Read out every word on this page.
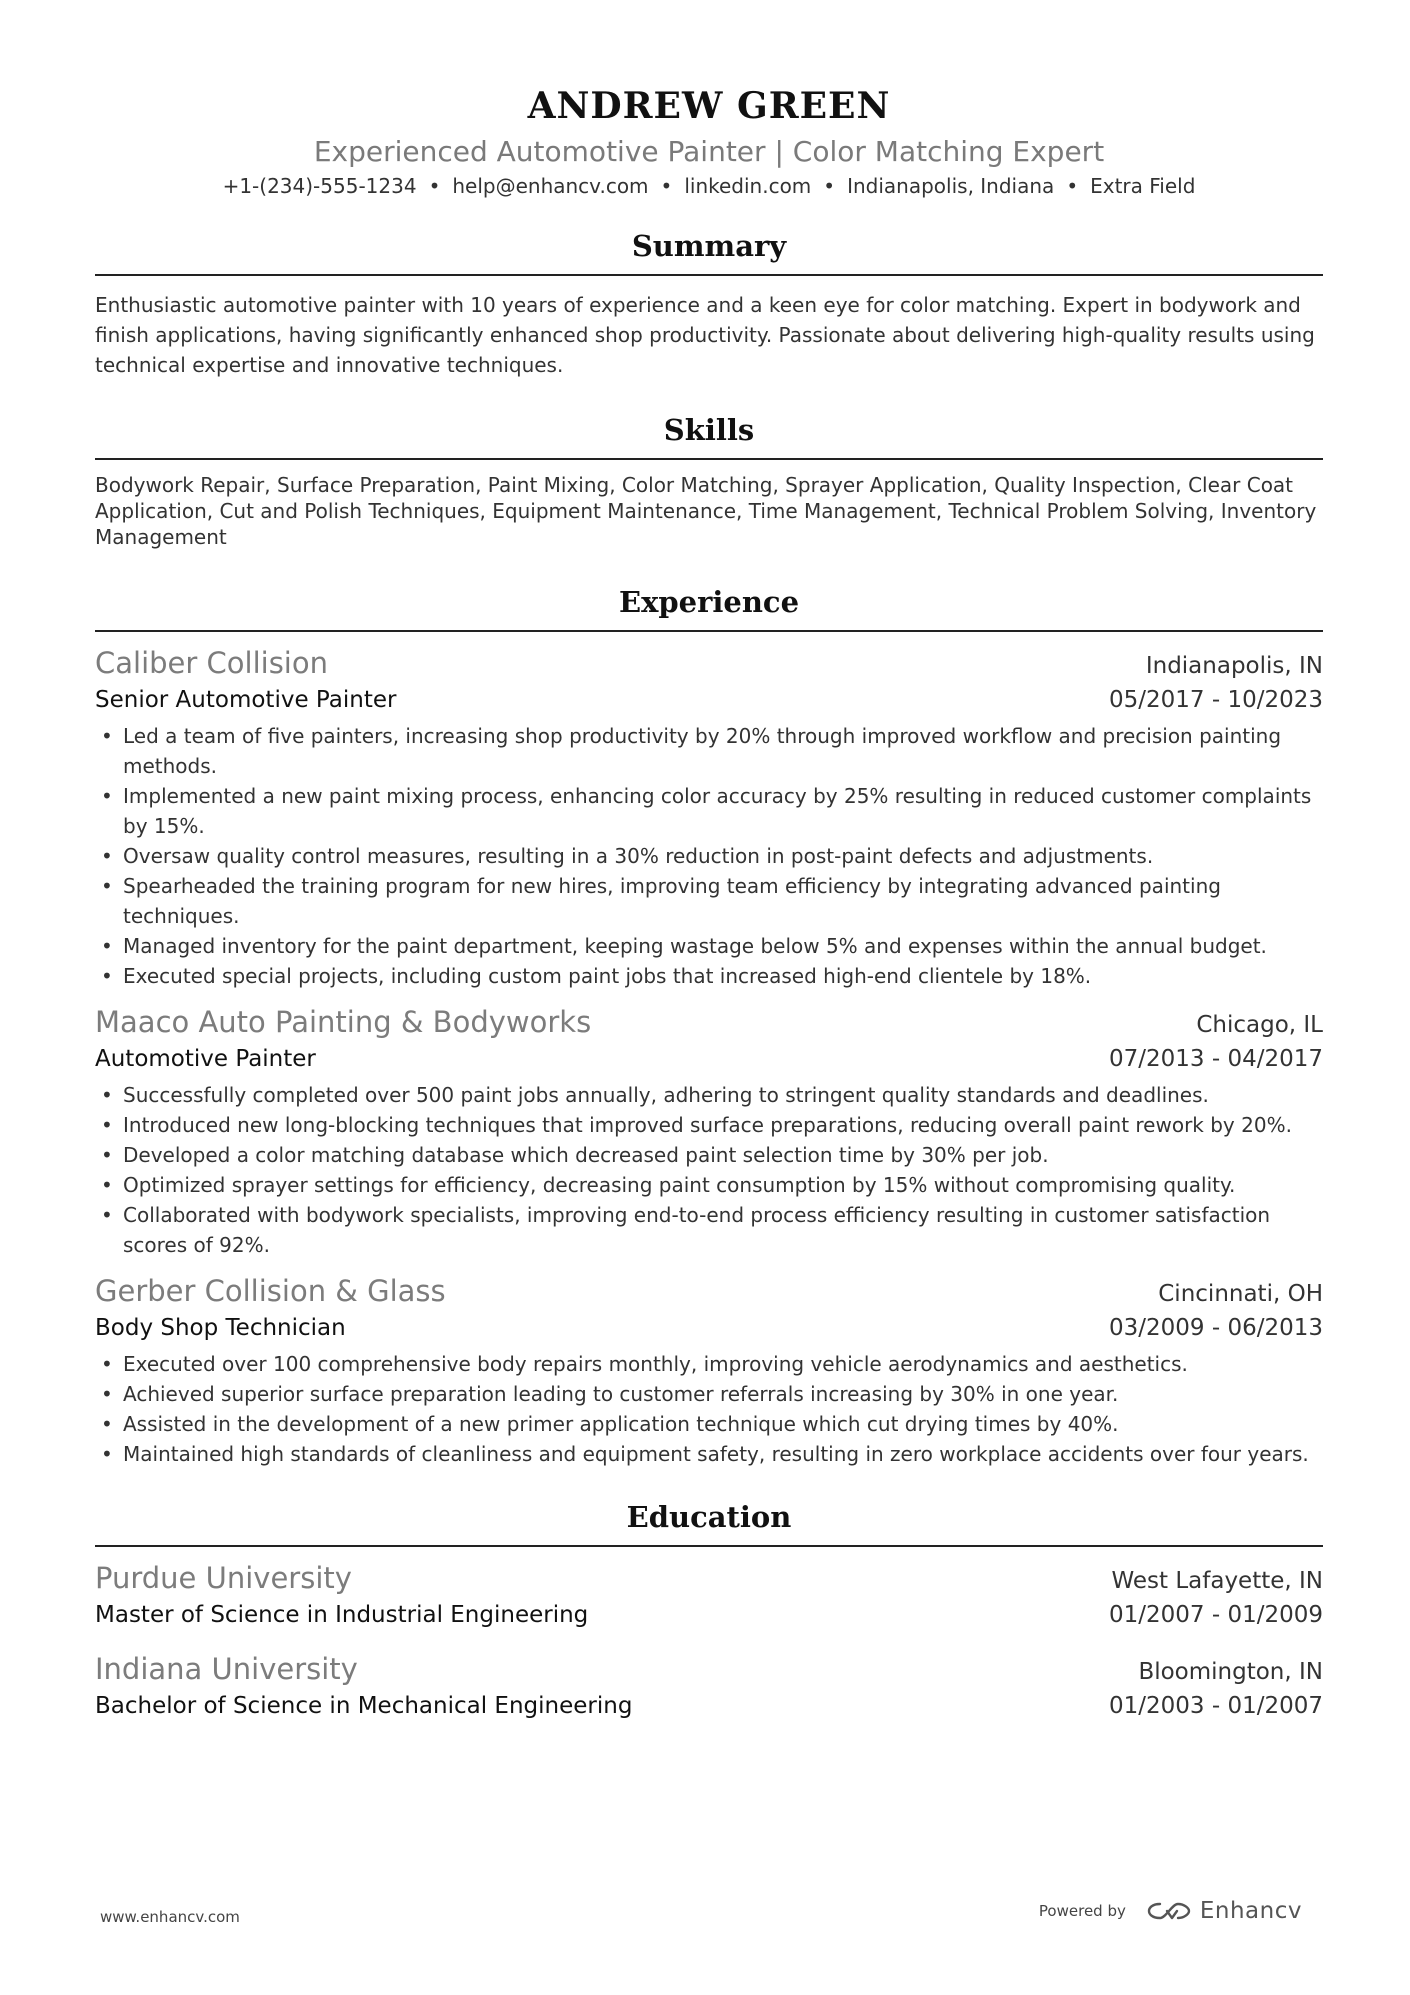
ANDREW GREEN
Experienced Automotive Painter | Color Matching Expert
+1-(234)-555-1234 • help@enhancv.com • linkedin.com • Indianapolis, Indiana • Extra Field
Summary
Enthusiastic automotive painter with 10 years of experience and a keen eye for color matching. Expert in bodywork and finish applications, having significantly enhanced shop productivity. Passionate about delivering high-quality results using technical expertise and innovative techniques.
Skills
Bodywork Repair, Surface Preparation, Paint Mixing, Color Matching, Sprayer Application, Quality Inspection, Clear Coat Application, Cut and Polish Techniques, Equipment Maintenance, Time Management, Technical Problem Solving, Inventory Management
Experience
Caliber Collision	Indianapolis, IN
Senior Automotive Painter	05/2017 - 10/2023
• Led a team of five painters, increasing shop productivity by 20% through improved workflow and precision painting methods.
• Implemented a new paint mixing process, enhancing color accuracy by 25% resulting in reduced customer complaints by 15%.
• Oversaw quality control measures, resulting in a 30% reduction in post-paint defects and adjustments.
• Spearheaded the training program for new hires, improving team efficiency by integrating advanced painting techniques.
• Managed inventory for the paint department, keeping wastage below 5% and expenses within the annual budget.
• Executed special projects, including custom paint jobs that increased high-end clientele by 18%.
Maaco Auto Painting & Bodyworks	Chicago, IL
Automotive Painter	07/2013 - 04/2017
• Successfully completed over 500 paint jobs annually, adhering to stringent quality standards and deadlines.
• Introduced new long-blocking techniques that improved surface preparations, reducing overall paint rework by 20%.
• Developed a color matching database which decreased paint selection time by 30% per job.
• Optimized sprayer settings for efficiency, decreasing paint consumption by 15% without compromising quality.
• Collaborated with bodywork specialists, improving end-to-end process efficiency resulting in customer satisfaction scores of 92%.
Gerber Collision & Glass	Cincinnati, OH
Body Shop Technician	03/2009 - 06/2013
• Executed over 100 comprehensive body repairs monthly, improving vehicle aerodynamics and aesthetics.
• Achieved superior surface preparation leading to customer referrals increasing by 30% in one year.
• Assisted in the development of a new primer application technique which cut drying times by 40%.
• Maintained high standards of cleanliness and equipment safety, resulting in zero workplace accidents over four years.
Education
Purdue University	West Lafayette, IN
Master of Science in Industrial Engineering	01/2007 - 01/2009
Indiana University	Bloomington, IN
Bachelor of Science in Mechanical Engineering	01/2003 - 01/2007
www.enhancv.com	Powered by	Enhancv
